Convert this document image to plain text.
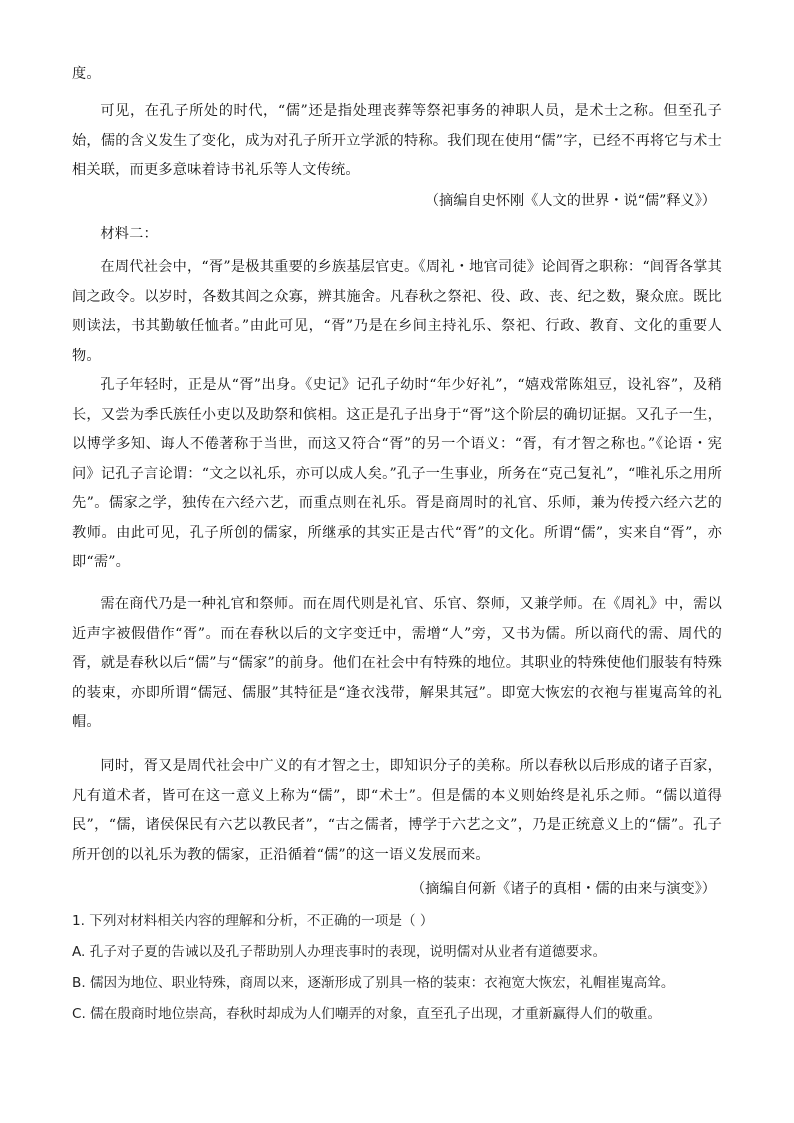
度。
可见，在孔子所处的时代，“儒”还是指处理丧葬等祭祀事务的神职人员，是术士之称。但至孔子始，儒的含义发生了变化，成为对孔子所开立学派的特称。我们现在使用“儒”字，已经不再将它与术士相关联，而更多意味着诗书礼乐等人文传统。
（摘编自史怀刚《人文的世界・说“儒”释义》）
材料二：
在周代社会中，“胥”是极其重要的乡族基层官吏。《周礼・地官司徒》论闾胥之职称：“闾胥各掌其闾之政令。以岁时，各数其闾之众寡，辨其施舍。凡春秋之祭祀、役、政、丧、纪之数，聚众庶。既比则读法，书其勤敏任恤者。”由此可见，“胥”乃是在乡间主持礼乐、祭祀、行政、教育、文化的重要人物。
孔子年轻时，正是从“胥”出身。《史记》记孔子幼时“年少好礼”，“嬉戏常陈俎豆，设礼容”，及稍长，又尝为季氏族任小吏以及助祭和傧相。这正是孔子出身于“胥”这个阶层的确切证据。又孔子一生，以博学多知、诲人不倦著称于当世，而这又符合“胥”的另一个语义：“胥，有才智之称也。”《论语・宪问》记孔子言论谓：“文之以礼乐，亦可以成人矣。”孔子一生事业，所务在“克己复礼”，“唯礼乐之用所先”。儒家之学，独传在六经六艺，而重点则在礼乐。胥是商周时的礼官、乐师，兼为传授六经六艺的教师。由此可见，孔子所创的儒家，所继承的其实正是古代“胥”的文化。所谓“儒”，实来自“胥”，亦即“需”。
需在商代乃是一种礼官和祭师。而在周代则是礼官、乐官、祭师，又兼学师。在《周礼》中，需以近声字被假借作“胥”。而在春秋以后的文字变迁中，需增“人”旁，又书为儒。所以商代的需、周代的胥，就是春秋以后“儒”与“儒家”的前身。他们在社会中有特殊的地位。其职业的特殊使他们服装有特殊的装束，亦即所谓“儒冠、儒服”其特征是“逢衣浅带，解果其冠”。即宽大恢宏的衣袍与崔嵬高耸的礼帽。
同时，胥又是周代社会中广义的有才智之士，即知识分子的美称。所以春秋以后形成的诸子百家，凡有道术者，皆可在这一意义上称为“儒”，即“术士”。但是儒的本义则始终是礼乐之师。“儒以道得民”，“儒，诸侯保民有六艺以教民者”，“古之儒者，博学于六艺之文”，乃是正统意义上的“儒”。孔子所开创的以礼乐为教的儒家，正沿循着“儒”的这一语义发展而来。
（摘编自何新《诸子的真相・儒的由来与演变》）
1. 下列对材料相关内容的理解和分析，不正确的一项是（ ）
A. 孔子对子夏的告诫以及孔子帮助别人办理丧事时的表现，说明儒对从业者有道德要求。
B. 儒因为地位、职业特殊，商周以来，逐渐形成了别具一格的装束：衣袍宽大恢宏，礼帽崔嵬高耸。
C. 儒在殷商时地位崇高，春秋时却成为人们嘲弄的对象，直至孔子出现，才重新赢得人们的敬重。
